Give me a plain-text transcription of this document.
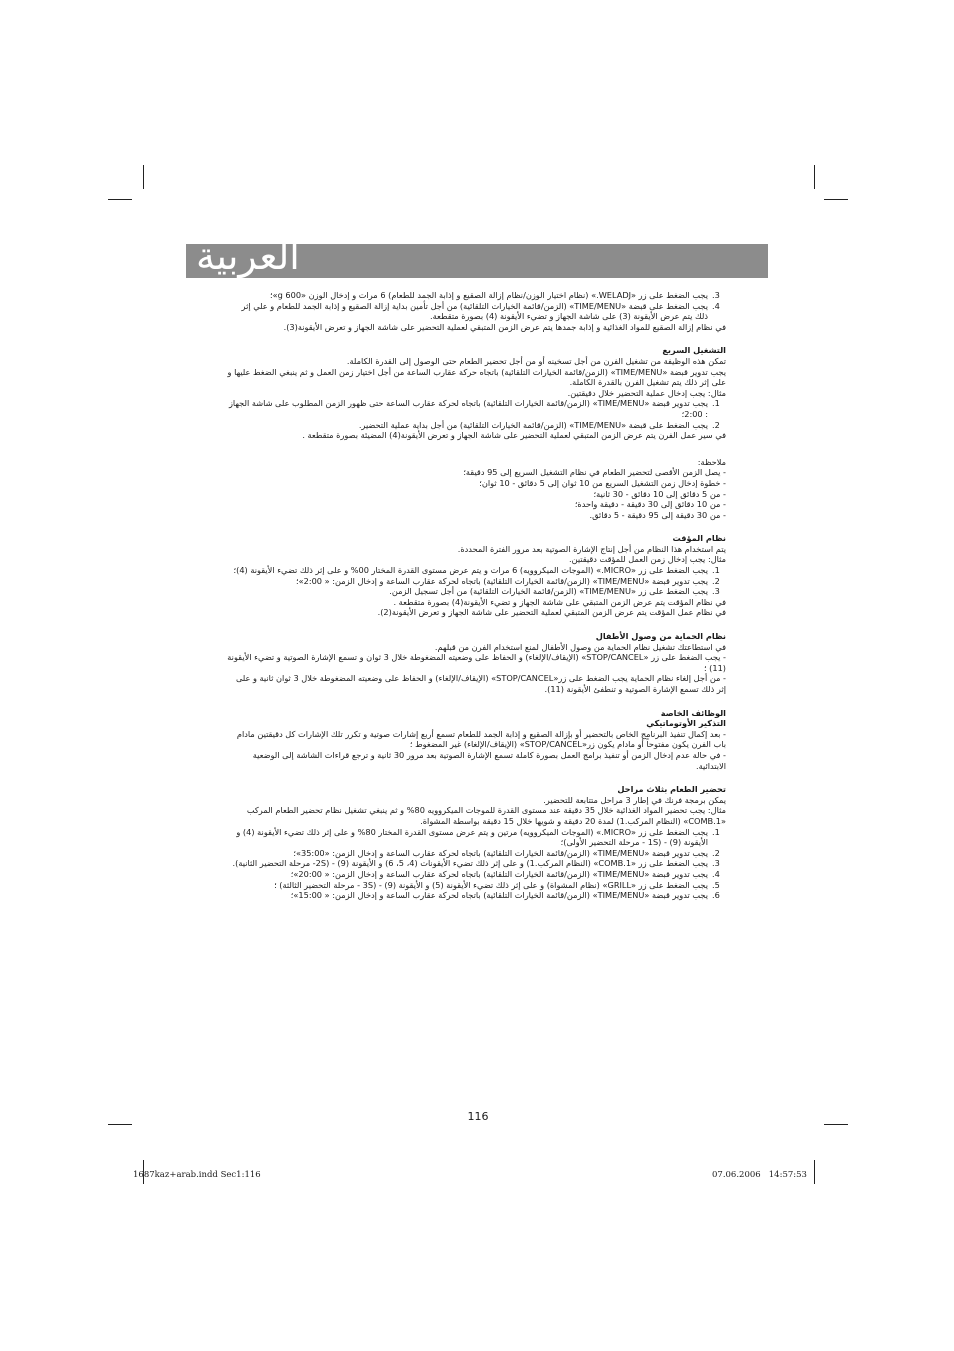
العربية
3.
يجب الضغط على زر «WELADJ.» (نظام اختيار الوزن/نظام إزالة الصقيع و إذابة الجمد للطعام) 6 مرات و إدخال الوزن «g 600»؛
4.
يجب الضغط على قبضة «TIME/MENU» (الزمن/قائمة الخيارات التلقائية) من أجل تأمين بداية إزالة الصقيع و إذابة الجمد للطعام و علي إثر ذلك يتم عرض الأيقونة (3) على شاشة الجهاز و تضيء الأيقونة (4) بصورة متقطعة.

في نظام إزالة الصقيع للمواد الغذائية و إذابة جمدها يتم عرض الزمن المتبقي لعملية التحضير على شاشة الجهاز و تعرض الأيقونة(3).

التشغيل السريع

تمكن هذه الوظيفة من تشغيل الفرن من أجل تسخينه أو من أجل تحضير الطعام حتى الوصول إلى القدرة الكاملة.

يجب تدوير قبضة «TIME/MENU» (الزمن/قائمة الخيارات التلقائية) باتجاه حركة عقارب الساعة من أجل اختيار زمن العمل و ثم ينبغي الضغط عليها و على إثر ذلك يتم تشغيل الفرن بالقدرة الكاملة.

مثال: يجب إدخال عملية التحضير خلال دقيقتين.

1.
يجب تدوير قبضة «TIME/MENU» (الزمن/قائمة الخيارات التلقائية) باتجاه لحركة عقارب الساعة حتى ظهور الزمن المطلوب على شاشة الجهاز : 2:00؛
2.
يجب الضغط على قبضة «TIME/MENU» (الزمن/قائمة الخيارات التلقائية) من أجل بداية عملية التحضير.

في سير عمل الفرن يتم عرض الزمن المتبقي لعملية التحضير على شاشة الجهاز و تعرض الأيقونة(4) المضيئة بصورة متقطعة .

ملاحظة:

- يصل الزمن الأقصى لتحضير الطعام في نظام التشغيل السريع إلى 95 دقيقة؛
- خطوة إدخال زمن التشغيل السريع من 10 ثوان إلى 5 دقائق - 10 ثوان؛
- من 5 دقائق إلى 10 دقائق - 30 ثانية؛
- من 10 دقائق إلى 30 دقيقة - دقيقة واحدة؛
- من 30 دقيقة إلى 95 دقيقة - 5 دقائق.
نظام المؤقت

يتم استخدام هذا النظام من أجل إنتاج الإشارة الصوتية بعد مرور الفترة المحددة.

مثال: يجب إدخال زمن العمل للمؤقت دقيقتين.

1.
يجب الضغط على زر «MICRO.» (الموجات الميكروويه) 6 مرات و يتم عرض مستوى القدرة المختار 00% و على إثر ذلك تضيء الأيقونة (4)؛
2.
يجب تدوير قبضة «TIME/MENU» (الزمن/قائمة الخيارات التلقائية) باتجاه لحركة عقارب الساعة و إدخال الزمن: « 2:00»؛
3.
يجب الضغط على زر «TIME/MENU» (الزمن/قائمة الخيارات التلقائية) من أجل تسجيل الزمن.

في نظام المؤقت يتم عرض الزمن المتبقي على شاشة الجهاز و تضيء الأيقونة(4) بصورة متقطعة .

في نظام عمل المؤقت يتم عرض الزمن المتبقي لعملية التحضير على شاشة الجهاز و تعرض الأيقونة(2).

نظام الحماية من وصول الأطفال

في استطاعتك تشغيل نظام الحماية من وصول الأطفال لمنع استخدام الفرن من قبلهم.

- يجب الضغط على زر «STOP/CANCEL» (الإيقاف/الإلغاء) و الحفاظ على وضعيته المضغوطة خلال 3 ثوان و تسمع الإشارة الصوتية و تضيء الأيقونة (11) ؛

- من أجل إلغاء نظام الحماية يجب الضغط على زر«STOP/CANCEL» (الإيقاف/الإلغاء) و الحفاظ على وضعيته المضغوطة خلال 3 ثوان ثانية و على إثر ذلك تسمع الإشارة الصوتية و تنطفئ الأيقونة (11).

الوظائف الخاصة
التذكير الأوتوماتيكي

- بعد إكمال تنفيذ البرنامج الخاص بالتحضير أو بإزالة الصقيع و إذابة الجمد للطعام تسمع أربع إشارات صوتية و تكرر تلك الإشارات كل دقيقتين مادام باب الفرن يكون مفتوحاً أو مادام يكون زر«STOP/CANCEL» (الإيقاف/الإلغاء) غير المضغوط ؛

- في حالة عدم إدخال الزمن أو تنفيذ برامج العمل بصورة كاملة تسمع الإشارة الصوتية بعد مرور 30 ثانية و ترجع قراءات الشاشة إلى الوضعية الابتدائية.

تحضير الطعام بثلاث مراحل

يمكن برمجة فرنك في إطار 3 مراحل متتابعة للتحضير.

مثال: يجب تحضير المواد الغذائية خلال 35 دقيقة عند مستوى القدرة للموجات الميكروويه 80% و ثم ينبغي تشغيل نظام تحضير الطعام المركب «COMB.1» (النظام المركب.1) لمدة 20 دقيقة و شويها خلال 15 دقيقة بواسطة المشواة.

1.
يجب الضغط على زر «MICRO.» (الموجات الميكروويه) مرتين و يتم عرض مستوى القدرة المختار 80% و على إثر ذلك تضيء الأيقونة (4) و الأيقونة (9) - (1S - مرحلة التحضير الأولى)؛
2.
يجب تدوير قبضة «TIME/MENU» (الزمن/قائمة الخيارات التلقائية) باتجاه لحركة عقارب الساعة و إدخال الزمن: «35:00»؛
3.
يجب الضغط على زر «COMB.1» (النظام المركب.1) و على إثر ذلك تضيء الأيقونات (4، 5، 6) و الأيقونة (9) - (2S- مرحلة التحضير الثانية).
4.
يجب تدوير قبضة «TIME/MENU» (الزمن/قائمة الخيارات التلقائية) باتجاه لحركة عقارب الساعة و إدخال الزمن: « 20:00»؛
5.
يجب الضغط على زر «GRILL» (نظام المشواة) و على إثر ذلك تضيء الأيقونة (5) و الأيقونة (9) - (3S - مرحلة التحضير الثالثة) ؛
6.
يجب تدوير قبضة «TIME/MENU» (الزمن/قائمة الخيارات التلقائية) باتجاه لحركة عقارب الساعة و إدخال الزمن: « 15:00»؛
116
1687kaz+arab.indd Sec1:116	07.06.2006   14:57:53
